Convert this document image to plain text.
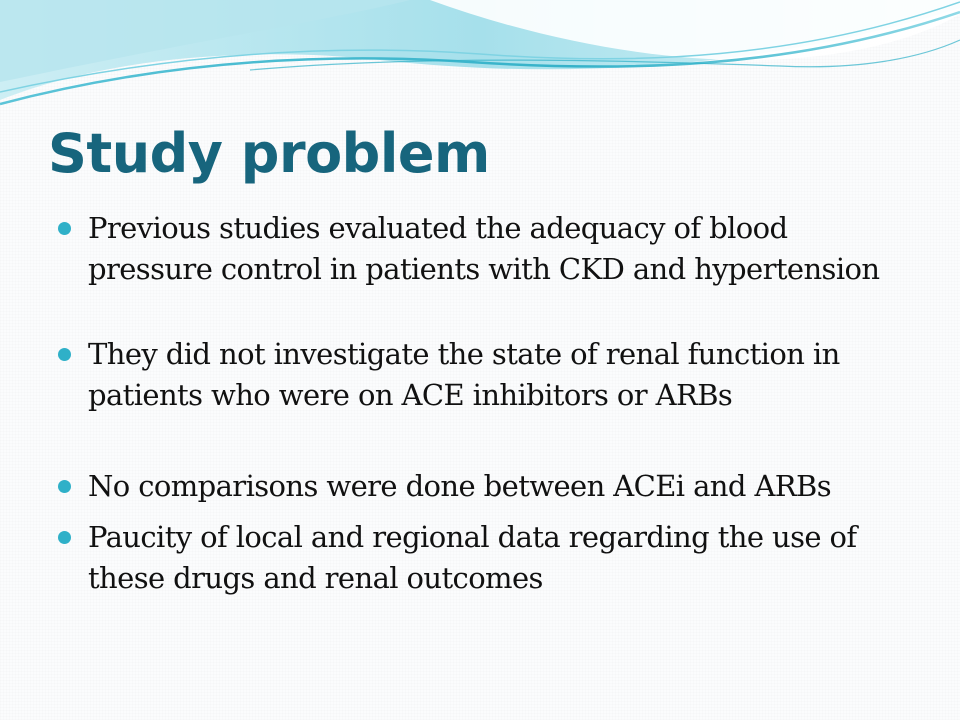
Study problem
Previous studies evaluated the adequacy of blood pressure control in patients with CKD and hypertension
They did not investigate the state of renal function in patients who were on ACE inhibitors or ARBs
No comparisons were done between ACEi and ARBs
Paucity of local and regional data regarding the use of these drugs and renal outcomes
